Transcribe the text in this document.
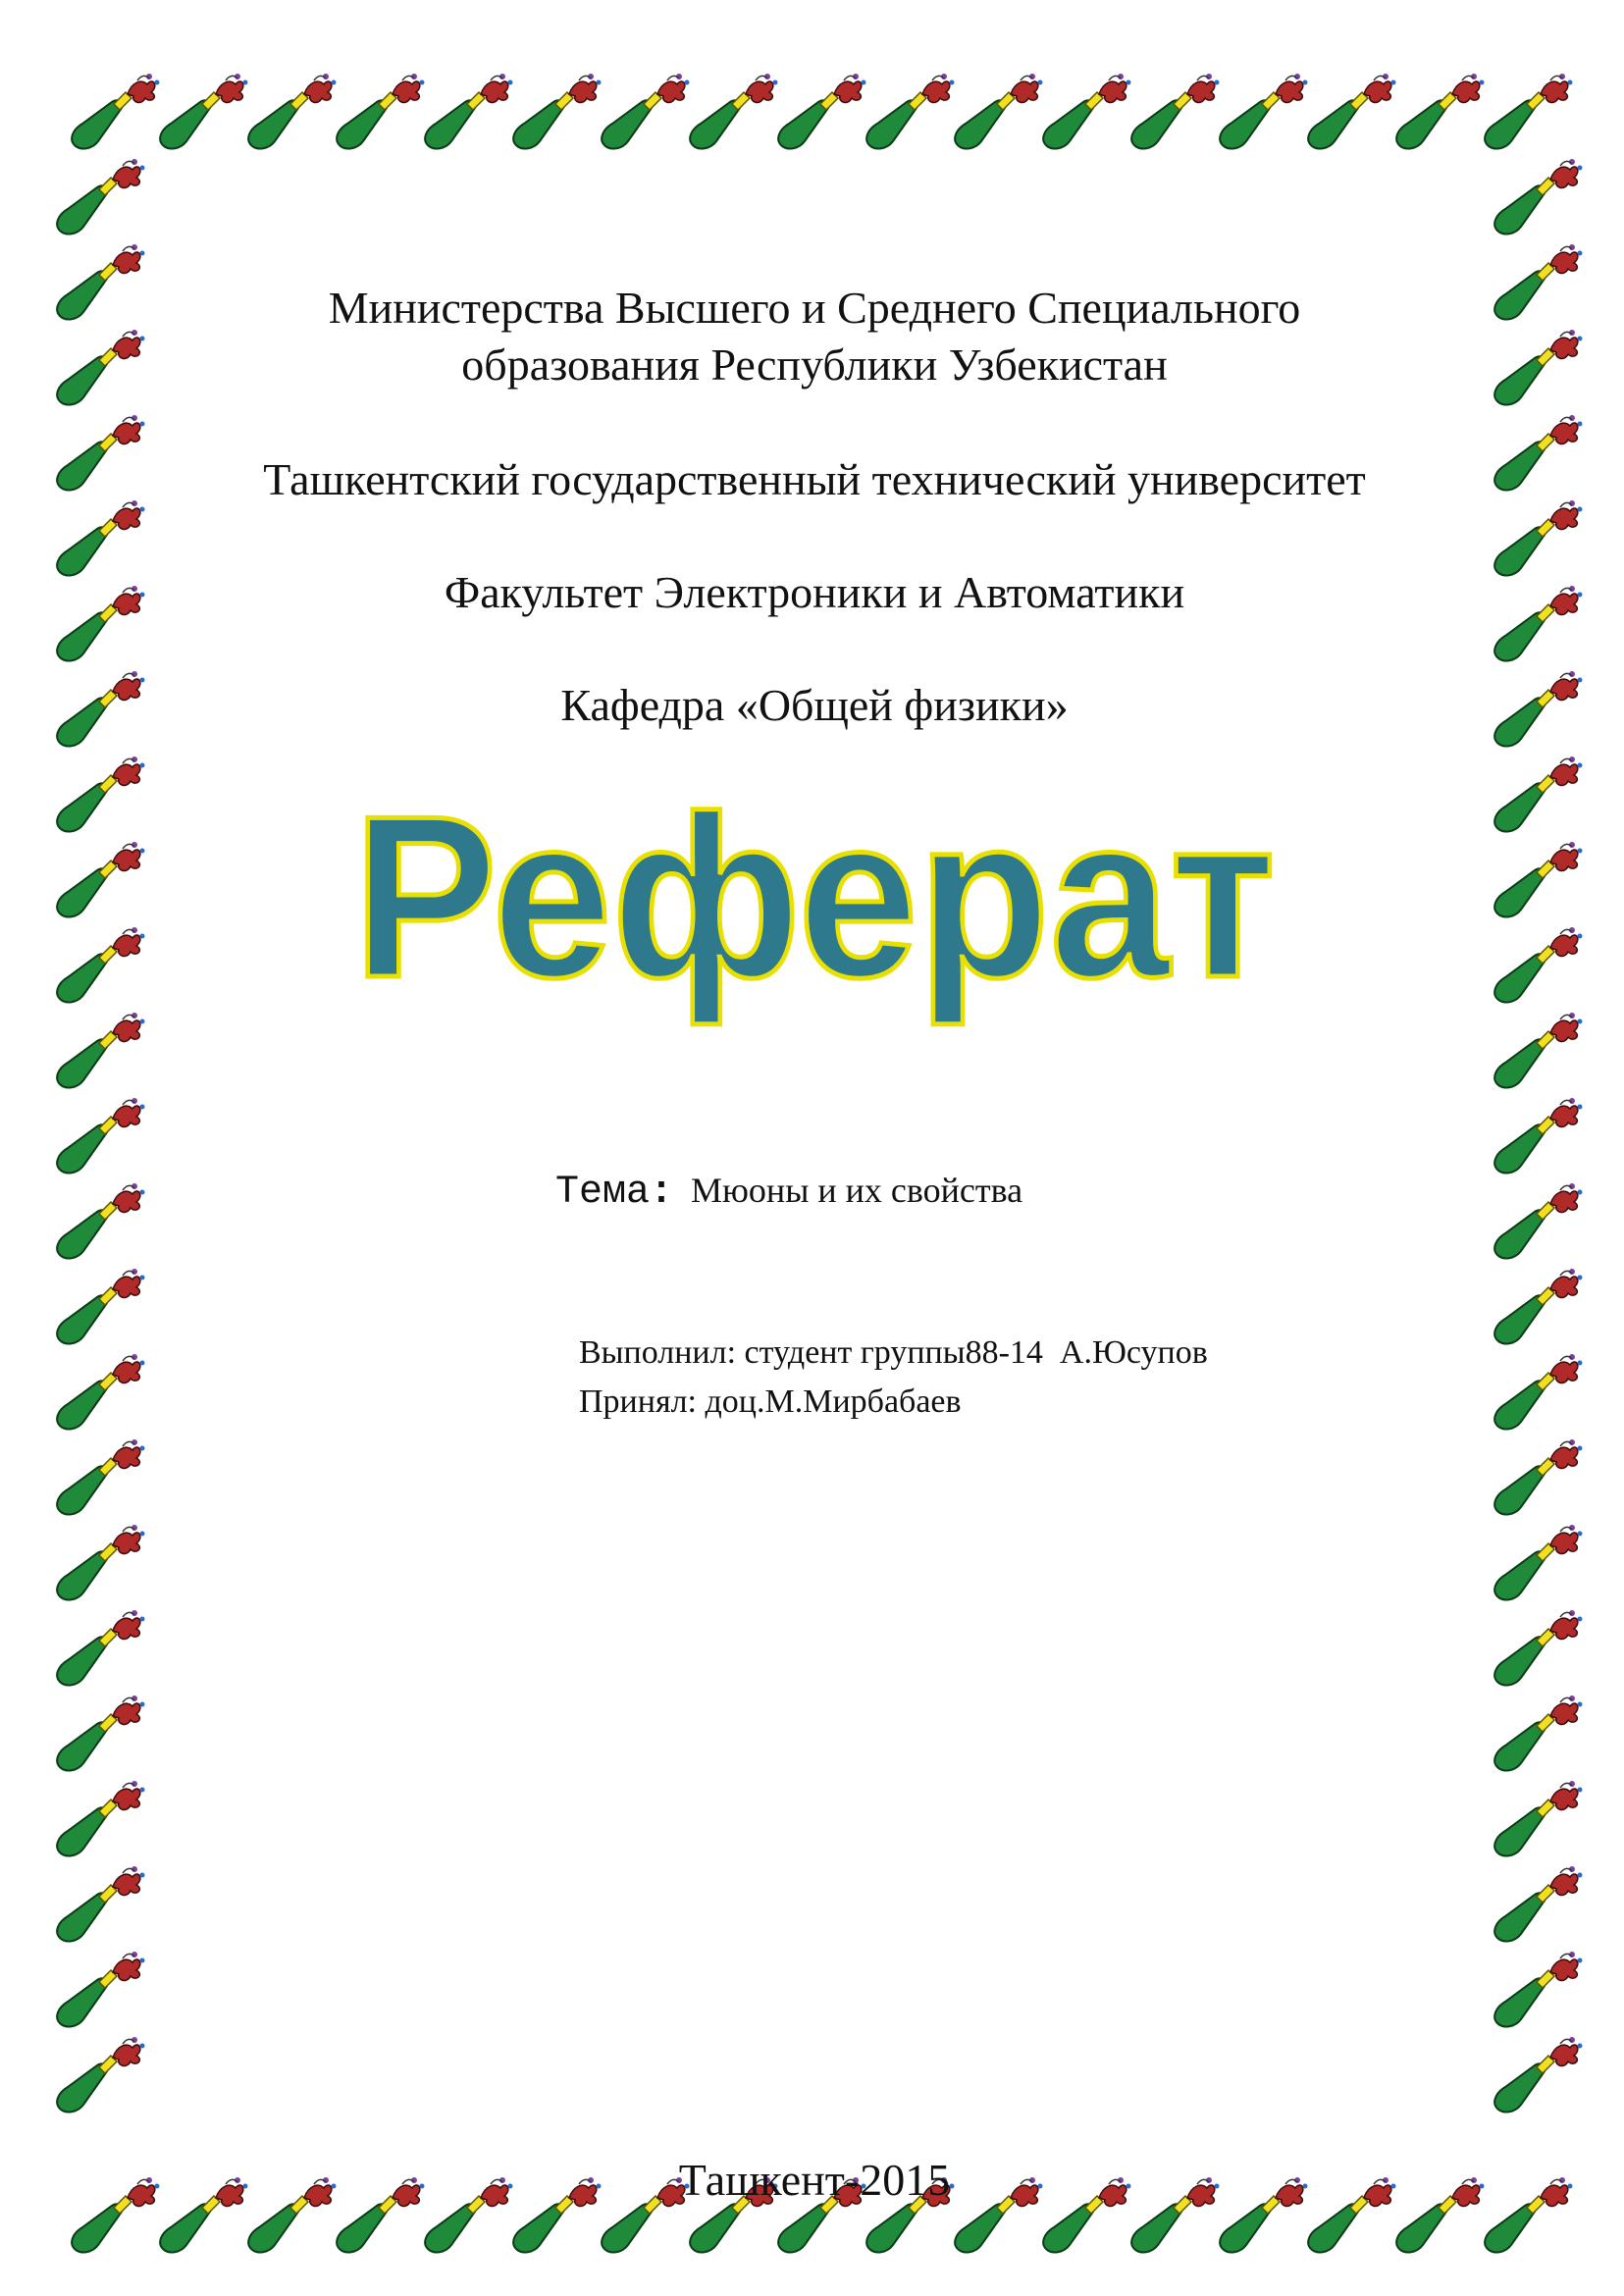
Министерства Высшего и Среднего Специального
образования Республики Узбекистан
Ташкентский государственный технический университет
Факультет Электроники и Автоматики
Кафедра «Общей физики»
Реферат
Тема: Мюоны и их свойства
Выполнил: студент группы88-14  А.Юсупов
Принял: доц.М.Мирбабаев
Ташкент-2015
